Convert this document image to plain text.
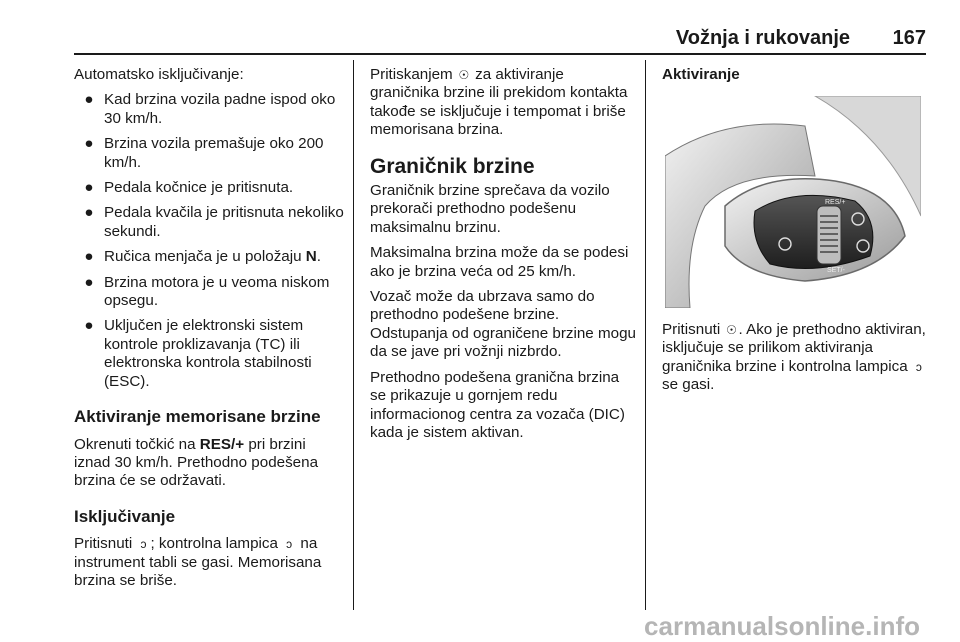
Vožnja i rukovanje	167

Automatsko isključivanje:

● Kad brzina vozila padne ispod oko 30 km/h.
● Brzina vozila premašuje oko 200 km/h.
● Pedala kočnice je pritisnuta.
● Pedala kvačila je pritisnuta nekoliko sekundi.
● Ručica menjača je u položaju N.
● Brzina motora je u veoma niskom opsegu.
● Uključen je elektronski sistem kontrole proklizavanja (TC) ili elektronska kontrola stabilnosti (ESC).
Aktiviranje memorisane brzine

Okrenuti točkić na RES/+ pri brzini iznad 30 km/h. Prethodno podešena brzina će se održavati.

Isključivanje

Pritisnuti ↄ ; kontrolna lampica ↄ na instrument tabli se gasi. Memorisana brzina se briše.

Pritiskanjem ☉ za aktiviranje graničnika brzine ili prekidom kontakta takođe se isključuje i tempomat i briše memorisana brzina.

Graničnik brzine

Graničnik brzine sprečava da vozilo prekorači prethodno podešenu maksimalnu brzinu.

Maksimalna brzina može da se podesi ako je brzina veća od 25 km/h.

Vozač može da ubrzava samo do prethodno podešene brzine. Odstupanja od ograničene brzine mogu da se jave pri vožnji nizbrdo.

Prethodno podešena granična brzina se prikazuje u gornjem redu informacionog centra za vozača (DIC) kada je sistem aktivan.

Aktiviranje
RES/+
SET/-

Pritisnuti ☉ . Ako je prethodno aktiviran, isključuje se prilikom aktiviranja graničnika brzine i kontrolna lampica ↄ se gasi.

carmanualsonline.info
